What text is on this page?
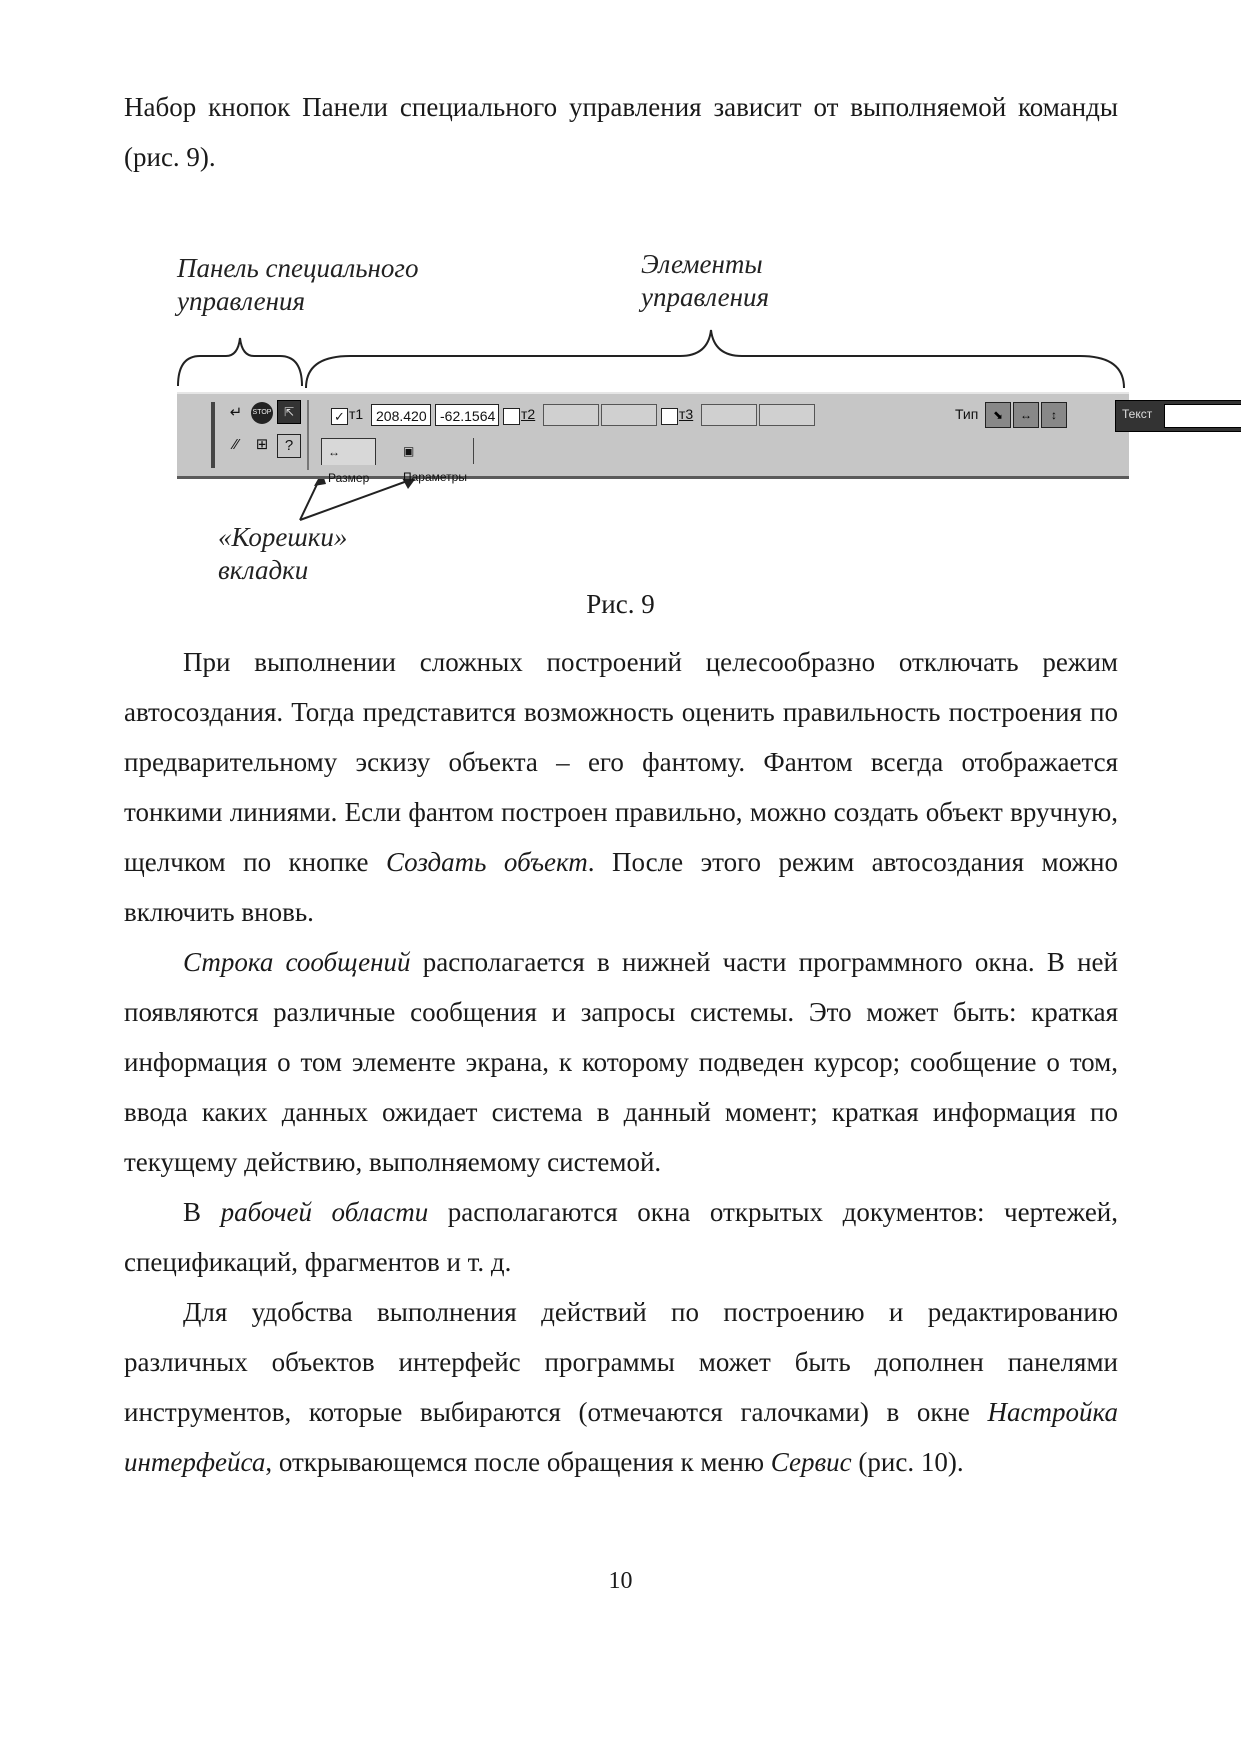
Набор кнопок Панели специального управления зависит от выполняемой команды (рис. 9).
Панель специального
управления
Элементы
управления
«Корешки»
вкладки
↵	STOP	⇱
⁄⁄	⊞	?
✓ т1 208.420 -62.1564 т2	т3	Тип	⬊	↔	↕	Текст
↔ Размер
▣ Параметры
Рис. 9
При выполнении сложных построений целесообразно отключать режим автосоздания. Тогда представится возможность оценить правильность построения по предварительному эскизу объекта – его фантому. Фантом всегда отображается тонкими линиями. Если фантом построен правильно, можно создать объект вручную, щелчком по кнопке Создать объект. После этого режим автосоздания можно включить вновь.
Строка сообщений располагается в нижней части программного окна. В ней появляются различные сообщения и запросы системы. Это может быть: краткая информация о том элементе экрана, к которому подведен курсор; сообщение о том, ввода каких данных ожидает система в данный момент; краткая информация по текущему действию, выполняемому системой.
В рабочей области располагаются окна открытых документов: чертежей, спецификаций, фрагментов и т. д.
Для удобства выполнения действий по построению и редактированию различных объектов интерфейс программы может быть дополнен панелями инструментов, которые выбираются (отмечаются галочками) в окне Настройка интерфейса, открывающемся после обращения к меню Сервис (рис. 10).
10
